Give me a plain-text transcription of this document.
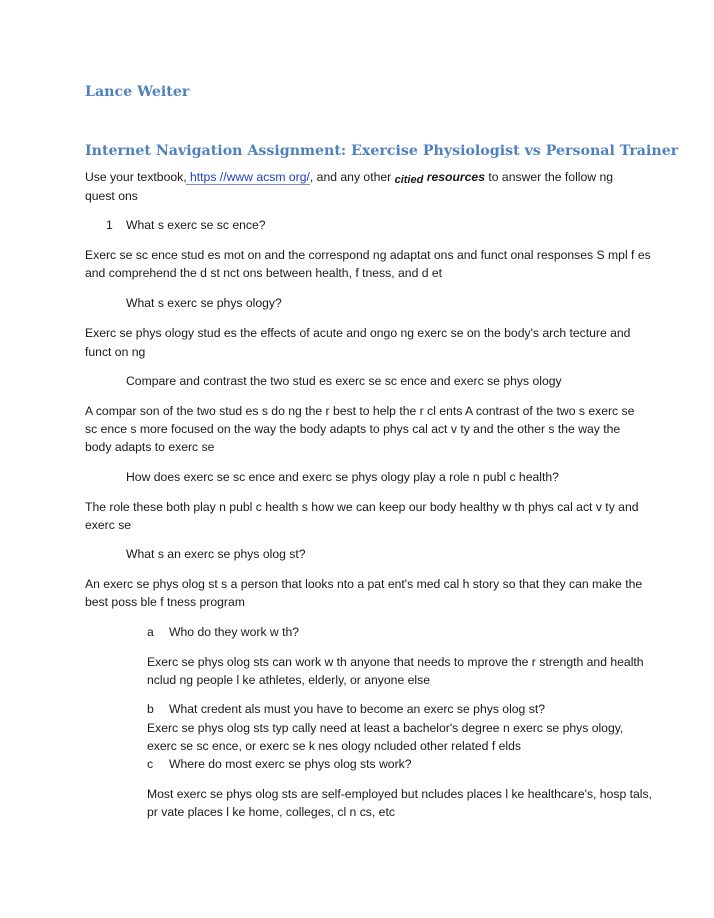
Lance Weiter
Internet Navigation Assignment: Exercise Physiologist vs Personal Trainer
Use your textbook, https //www acsm org/, and any other citied resources to answer the follow ng
quest ons
1 What s exerc se sc ence?
Exerc se sc ence stud es mot on and the correspond ng adaptat ons and funct onal responses S mpl f es
and comprehend the d st nct ons between health, f tness, and d et
What s exerc se phys ology?
Exerc se phys ology stud es the effects of acute and ongo ng exerc se on the body's arch tecture and
funct on ng
Compare and contrast the two stud es exerc se sc ence and exerc se phys ology
A compar son of the two stud es s do ng the r best to help the r cl ents A contrast of the two s exerc se
sc ence s more focused on the way the body adapts to phys cal act v ty and the other s the way the
body adapts to exerc se
How does exerc se sc ence and exerc se phys ology play a role n publ c health?
The role these both play n publ c health s how we can keep our body healthy w th phys cal act v ty and
exerc se
What s an exerc se phys olog st?
An exerc se phys olog st s a person that looks nto a pat ent's med cal h story so that they can make the
best poss ble f tness program
a Who do they work w th?
Exerc se phys olog sts can work w th anyone that needs to mprove the r strength and health
nclud ng people l ke athletes, elderly, or anyone else
b What credent als must you have to become an exerc se phys olog st?
Exerc se phys olog sts typ cally need at least a bachelor's degree n exerc se phys ology,
exerc se sc ence, or exerc se k nes ology ncluded other related f elds
c Where do most exerc se phys olog sts work?
Most exerc se phys olog sts are self-employed but ncludes places l ke healthcare's, hosp tals,
pr vate places l ke home, colleges, cl n cs, etc
